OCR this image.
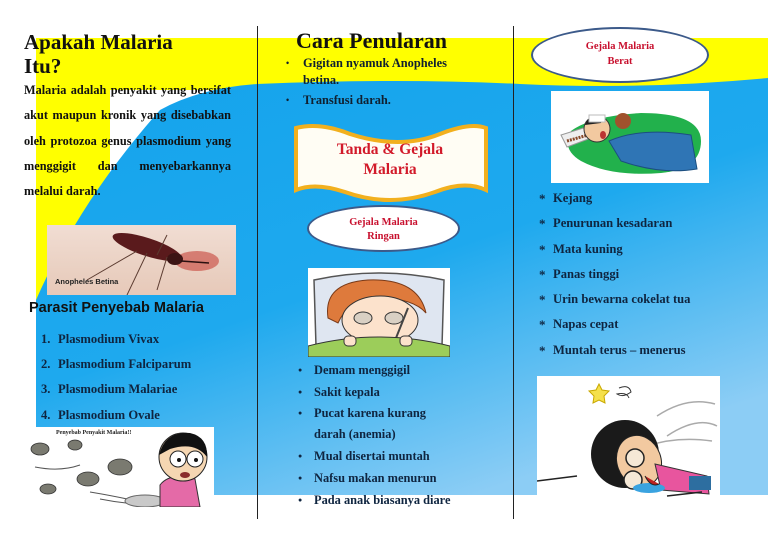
Apakah Malaria
Itu?

Malaria adalah penyakit yang bersifat akut maupun kronik yang disebabkan oleh protozoa genus plasmodium yang menggigit dan menyebarkannya melalui darah.

Anopheles Betina
Parasit Penyebab Malaria
1. Plasmodium Vivax
2. Plasmodium Falciparum
3. Plasmodium Malariae
4. Plasmodium Ovale
Penyebab Penyakit Malaria!!
Cara Penularan
• Gigitan nyamuk Anopheles betina.
• Transfusi darah.
Tanda & Gejala
Malaria
Gejala Malaria
Ringan
● Demam menggigil
● Sakit kepala
● Pucat karena kurang darah (anemia)
● Mual disertai muntah
● Nafsu makan menurun
● Pada anak biasanya diare
Gejala Malaria
Berat
* Kejang
* Penurunan kesadaran
* Mata kuning
* Panas tinggi
* Urin bewarna cokelat tua
* Napas cepat
* Muntah terus – menerus
